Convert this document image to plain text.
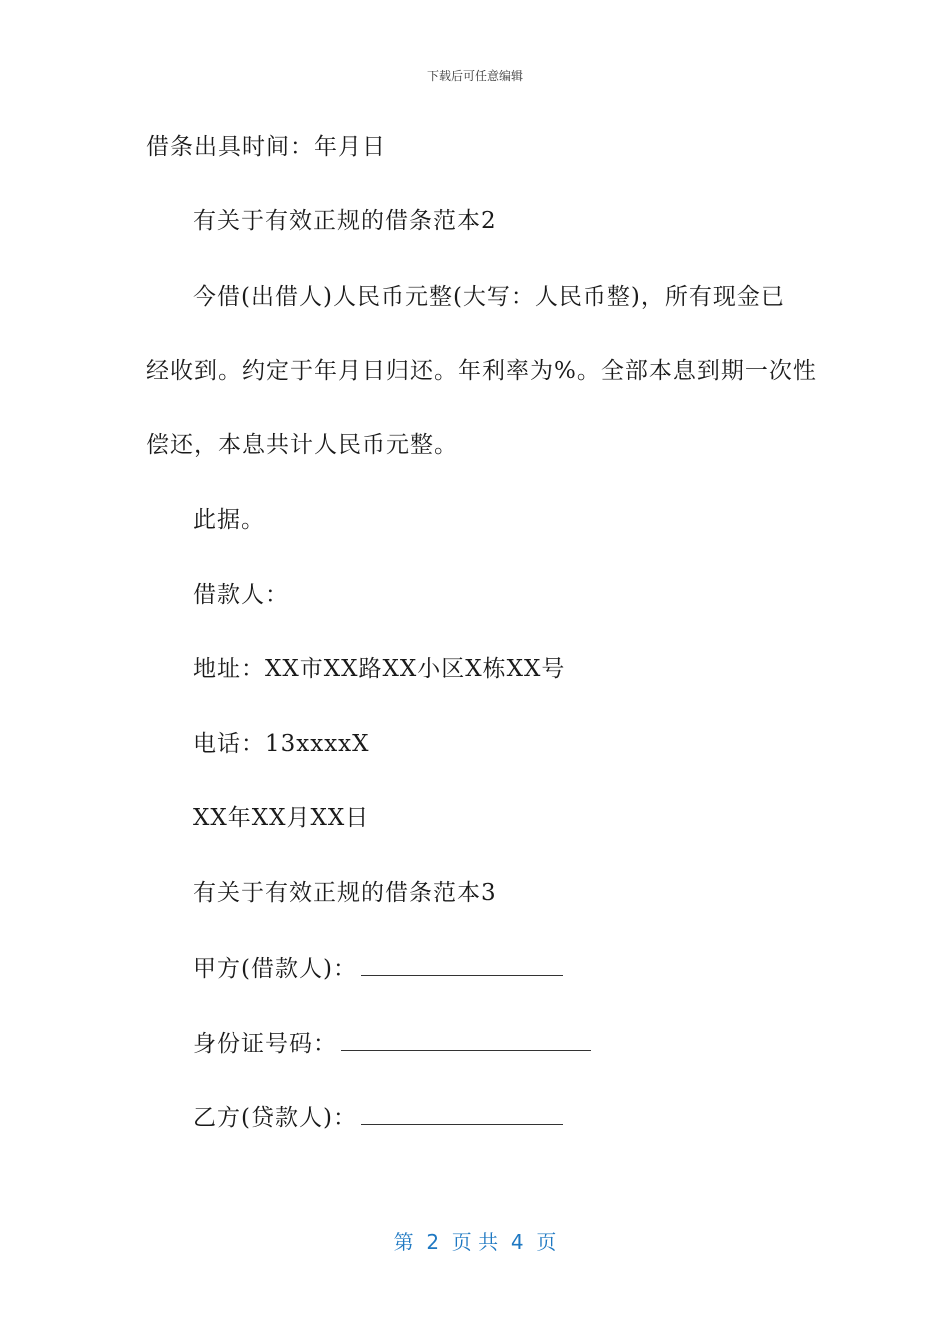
下载后可任意编辑
借条出具时间：年月日
有关于有效正规的借条范本2
今借(出借人)人民币元整(大写：人民币整)，所有现金已
经收到。约定于年月日归还。年利率为%。全部本息到期一次性
偿还，本息共计人民币元整。
此据。
借款人：
地址：XX市XX路XX小区X栋XX号
电话：13xxxxX
XX年XX月XX日
有关于有效正规的借条范本3
甲方(借款人)：
身份证号码：
乙方(贷款人)：
第  2  页 共  4  页
